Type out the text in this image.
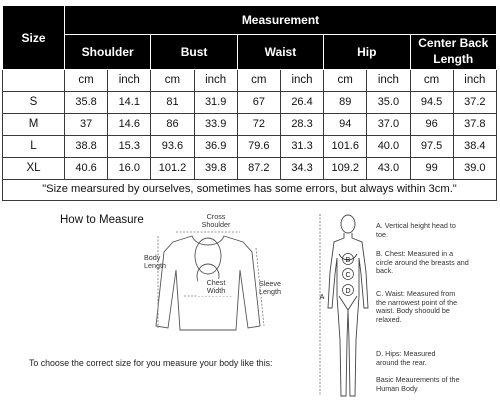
Size	Measurement									
	Shoulder		Bust		Waist		Hip		Center Back Length	
	cm	inch	cm	inch	cm	inch	cm	inch	cm	inch
S	35.8	14.1	81	31.9	67	26.4	89	35.0	94.5	37.2
M	37	14.6	86	33.9	72	28.3	94	37.0	96	37.8
L	38.8	15.3	93.6	36.9	79.6	31.3	101.6	40.0	97.5	38.4
XL	40.6	16.0	101.2	39.8	87.2	34.3	109.2	43.0	99	39.0
"Size mearsured by ourselves, sometimes has some errors, but always within 3cm."										
How to Measure	Cross Shoulder
Body Length
Chest Width
Sleeve Length
To choose the correct size for you measure your body like this:
A
B
C
D
A. Vertical height head to toe.
B. Chest: Measured in a circle around the breasts and back.
C. Waist: Measured from the narrowest point of the waist. Body shoould be relaxed.
D. Hips: Measured around the rear.
Basic Meaurements of the Human Body
